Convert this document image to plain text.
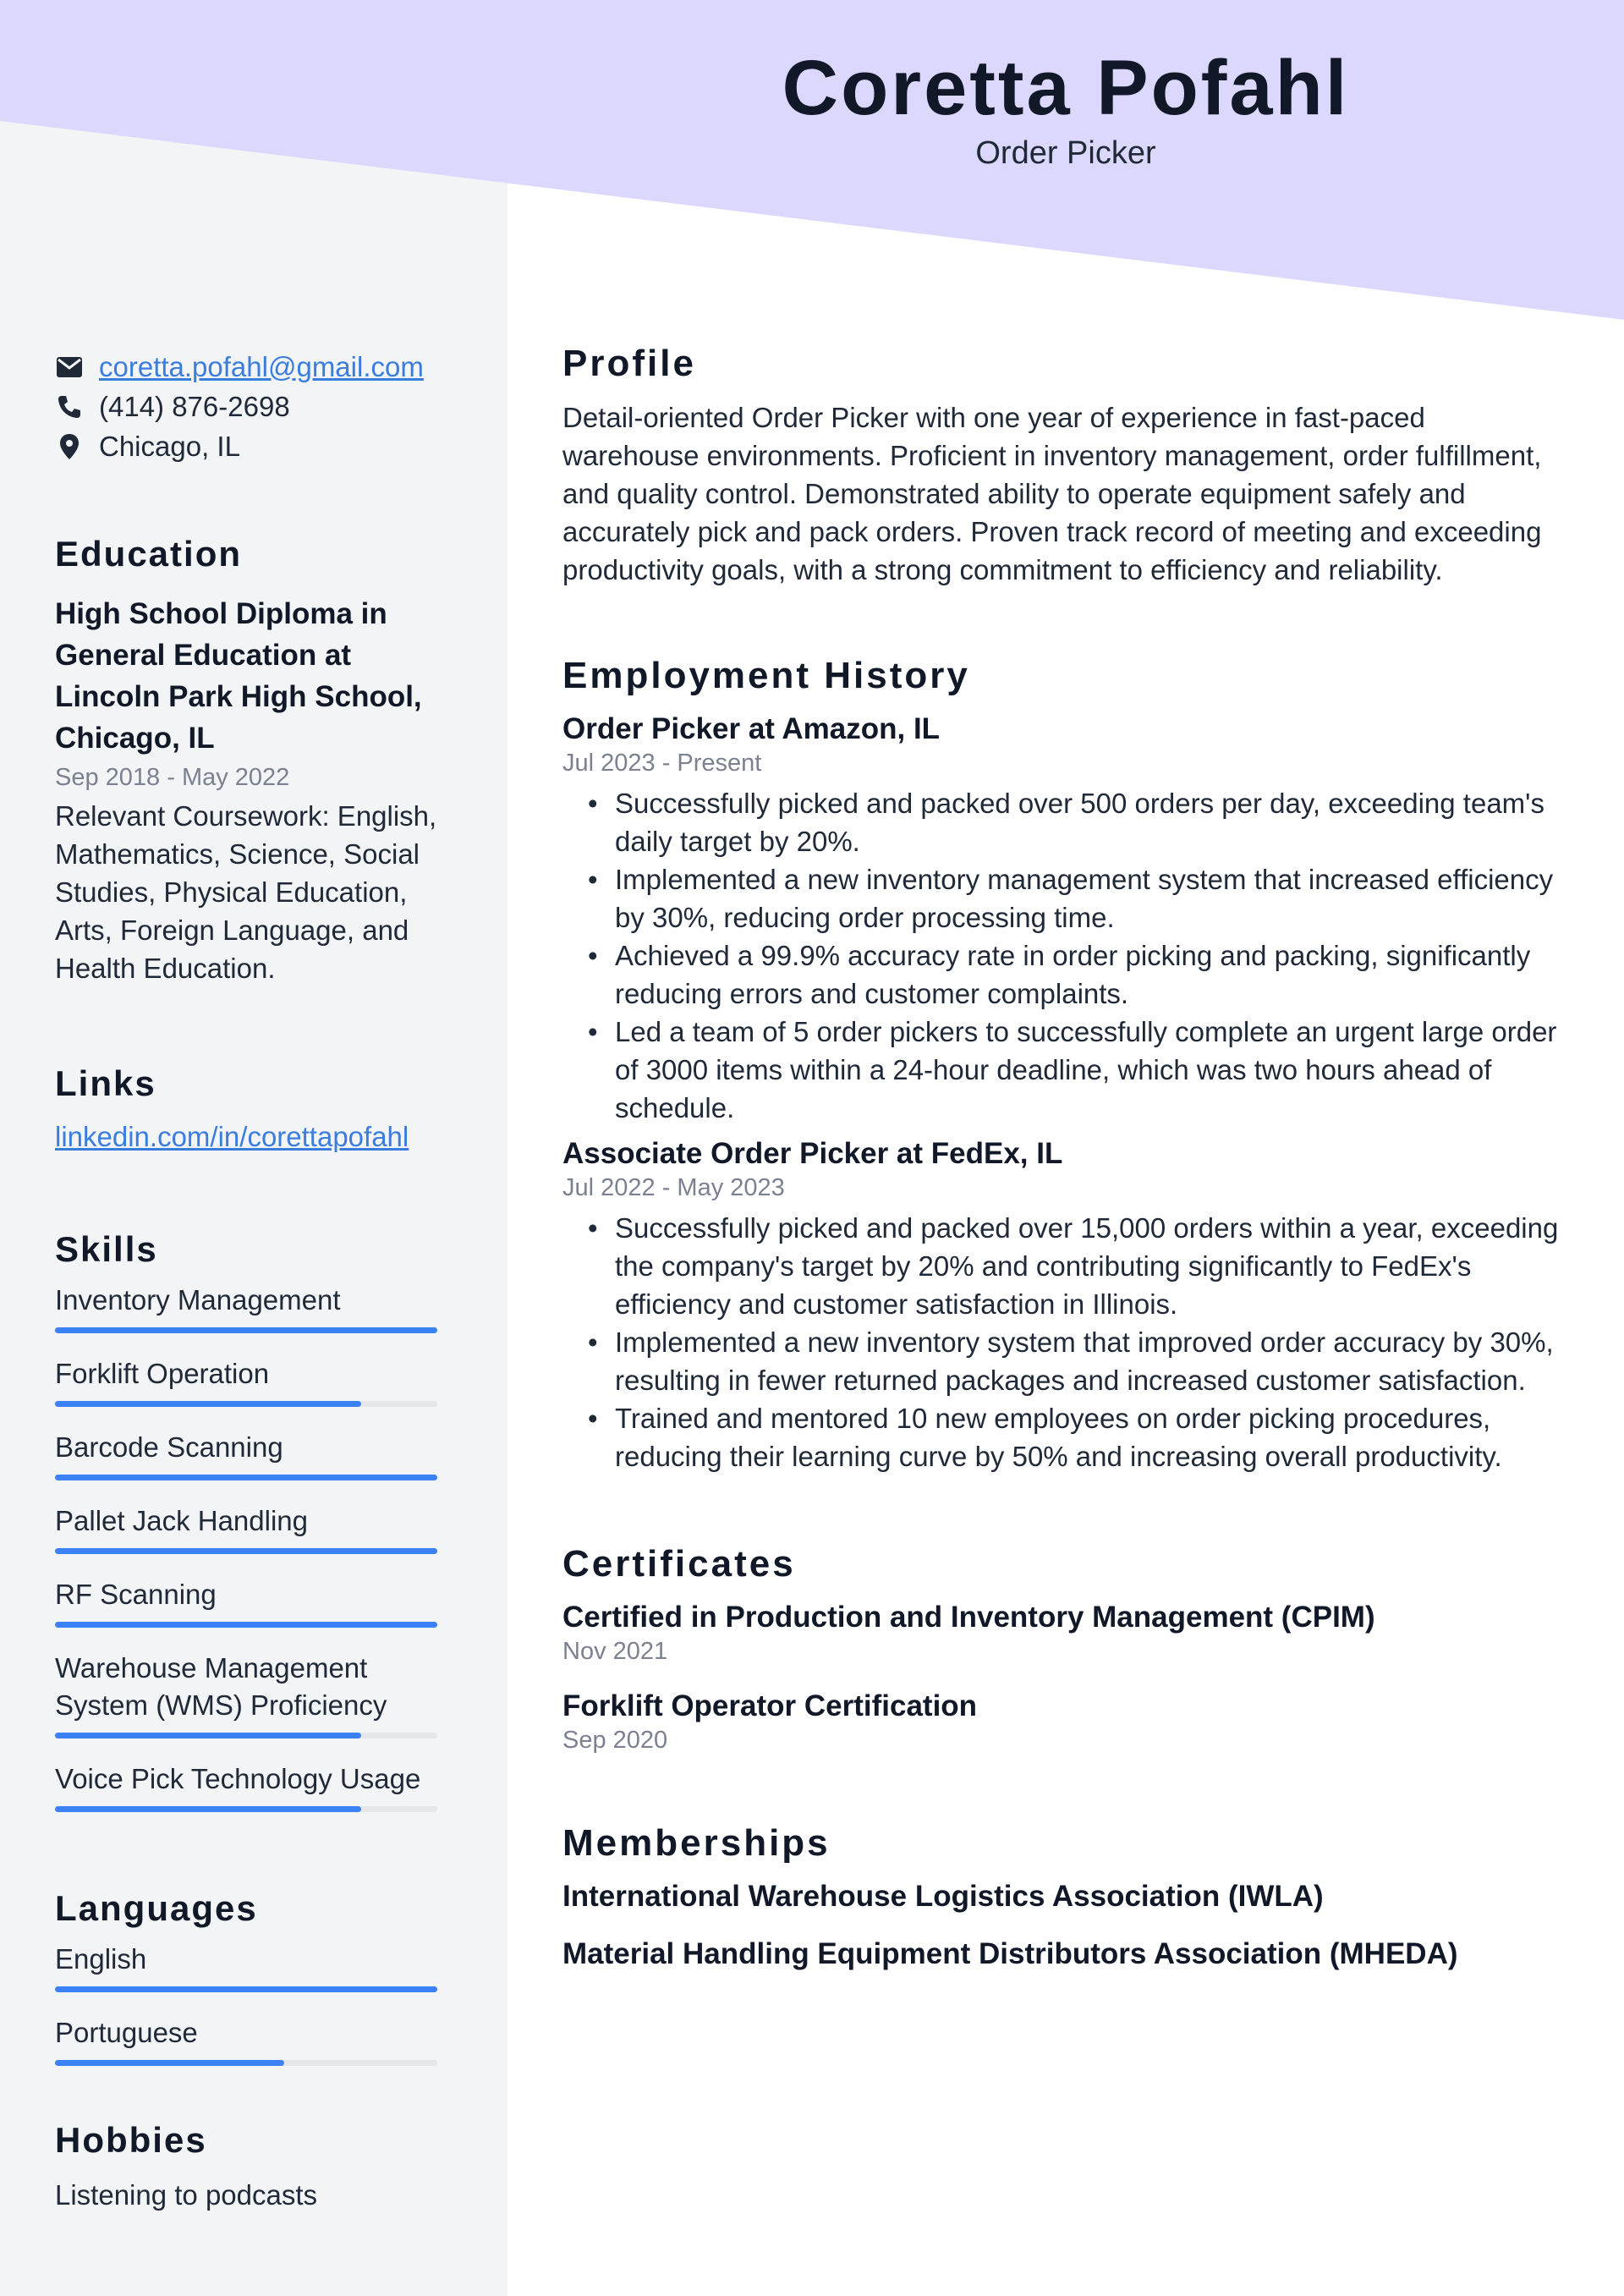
Coretta Pofahl
Order Picker
coretta.pofahl@gmail.com
(414) 876-2698
Chicago, IL
Education
High School Diploma in General Education at Lincoln Park High School, Chicago, IL
Sep 2018 - May 2022
Relevant Coursework: English, Mathematics, Science, Social Studies, Physical Education, Arts, Foreign Language, and Health Education.
Links
linkedin.com/in/corettapofahl
Skills
Inventory Management
Forklift Operation
Barcode Scanning
Pallet Jack Handling
RF Scanning
Warehouse Management System (WMS) Proficiency
Voice Pick Technology Usage
Languages
English
Portuguese
Hobbies
Listening to podcasts
Profile
Detail-oriented Order Picker with one year of experience in fast-paced warehouse environments. Proficient in inventory management, order fulfillment, and quality control. Demonstrated ability to operate equipment safely and accurately pick and pack orders. Proven track record of meeting and exceeding productivity goals, with a strong commitment to efficiency and reliability.
Employment History
Order Picker at Amazon, IL
Jul 2023 - Present
• Successfully picked and packed over 500 orders per day, exceeding team's daily target by 20%.
• Implemented a new inventory management system that increased efficiency by 30%, reducing order processing time.
• Achieved a 99.9% accuracy rate in order picking and packing, significantly reducing errors and customer complaints.
• Led a team of 5 order pickers to successfully complete an urgent large order of 3000 items within a 24-hour deadline, which was two hours ahead of schedule.
Associate Order Picker at FedEx, IL
Jul 2022 - May 2023
• Successfully picked and packed over 15,000 orders within a year, exceeding the company's target by 20% and contributing significantly to FedEx's efficiency and customer satisfaction in Illinois.
• Implemented a new inventory system that improved order accuracy by 30%, resulting in fewer returned packages and increased customer satisfaction.
• Trained and mentored 10 new employees on order picking procedures, reducing their learning curve by 50% and increasing overall productivity.
Certificates
Certified in Production and Inventory Management (CPIM)
Nov 2021
Forklift Operator Certification
Sep 2020
Memberships
International Warehouse Logistics Association (IWLA)
Material Handling Equipment Distributors Association (MHEDA)
